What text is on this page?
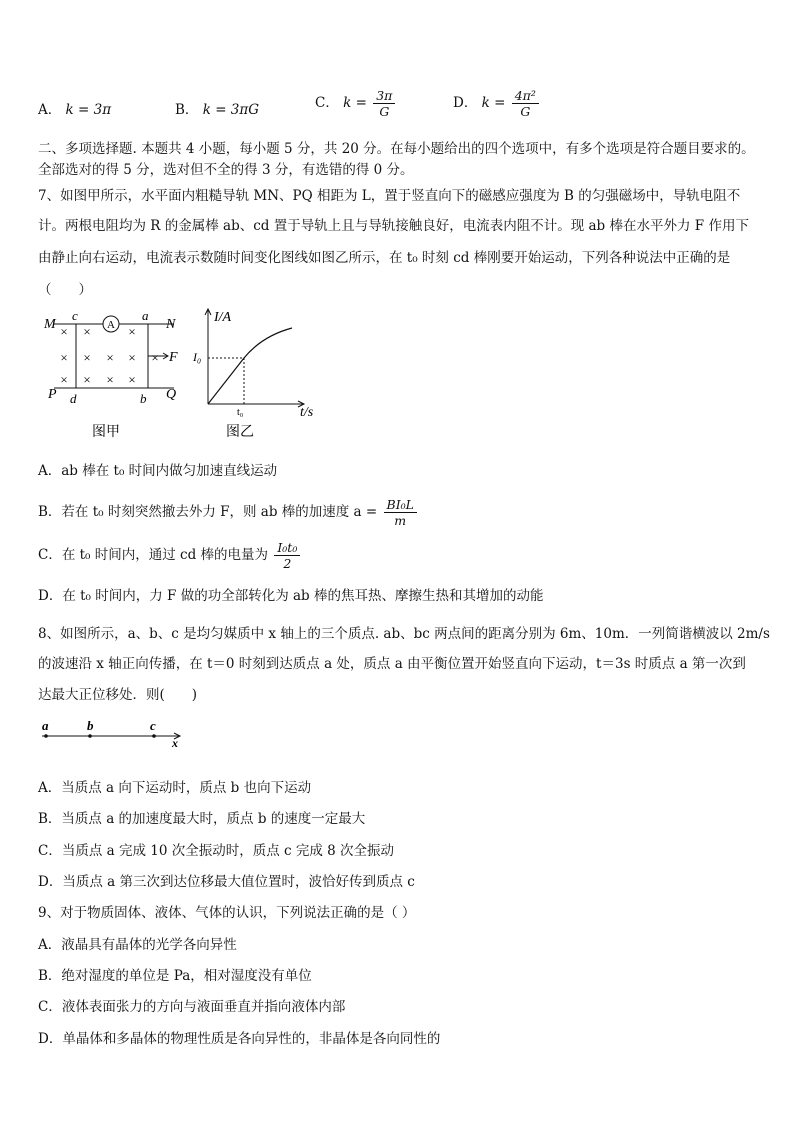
A． k = 3π	B． k = 3πG	C． $k = \frac{3\pi}{G}$	D． $k = \frac{\text{4π²}}{G}$
二、多项选择题. 本题共 4 小题，每小题 5 分，共 20 分。在每小题给出的四个选项中，有多个选项是符合题目要求的。
全部选对的得 5 分，选对但不全的得 3 分，有选错的得 0 分。
7、如图甲所示，水平面内粗糙导轨 MN、PQ 相距为 L，置于竖直向下的磁感应强度为 B 的匀强磁场中，导轨电阻不
计。两根电阻均为 R 的金属棒 ab、cd 置于导轨上且与导轨接触良好，电流表内阻不计。现 ab 棒在水平外力 F 作用下
由静止向右运动，电流表示数随时间变化图线如图乙所示，在 t₀ 时刻 cd 棒刚要开始运动，下列各种说法中正确的是
（　　）
A
M	N
P	Q
c	a
d	b
× ×	×
× × × × ×
× × × ×
F
图甲
I/A
t/s
I₀
t₀
图乙
A．ab 棒在 t₀ 时间内做匀加速直线运动
B．若在 t₀ 时刻突然撤去外力 F，则 ab 棒的加速度 $a = \frac{\text{BI₀L}}{m}$
C．在 t₀ 时间内，通过 cd 棒的电量为 $\frac{\text{I₀t₀}}{2}$
D．在 t₀ 时间内，力 F 做的功全部转化为 ab 棒的焦耳热、摩擦生热和其增加的动能
8、如图所示，a、b、c 是均匀媒质中 x 轴上的三个质点. ab、bc 两点间的距离分别为 6m、10m．一列简谐横波以 2m/s
的波速沿 x 轴正向传播，在 t＝0 时刻到达质点 a 处，质点 a 由平衡位置开始竖直向下运动，t＝3s 时质点 a 第一次到
达最大正位移处．则(　　)
a	b	c
x
A．当质点 a 向下运动时，质点 b 也向下运动
B．当质点 a 的加速度最大时，质点 b 的速度一定最大
C．当质点 a 完成 10 次全振动时，质点 c 完成 8 次全振动
D．当质点 a 第三次到达位移最大值位置时，波恰好传到质点 c
9、对于物质固体、液体、气体的认识，下列说法正确的是（ ）
A．液晶具有晶体的光学各向异性
B．绝对湿度的单位是 Pa，相对湿度没有单位
C．液体表面张力的方向与液面垂直并指向液体内部
D．单晶体和多晶体的物理性质是各向异性的，非晶体是各向同性的
